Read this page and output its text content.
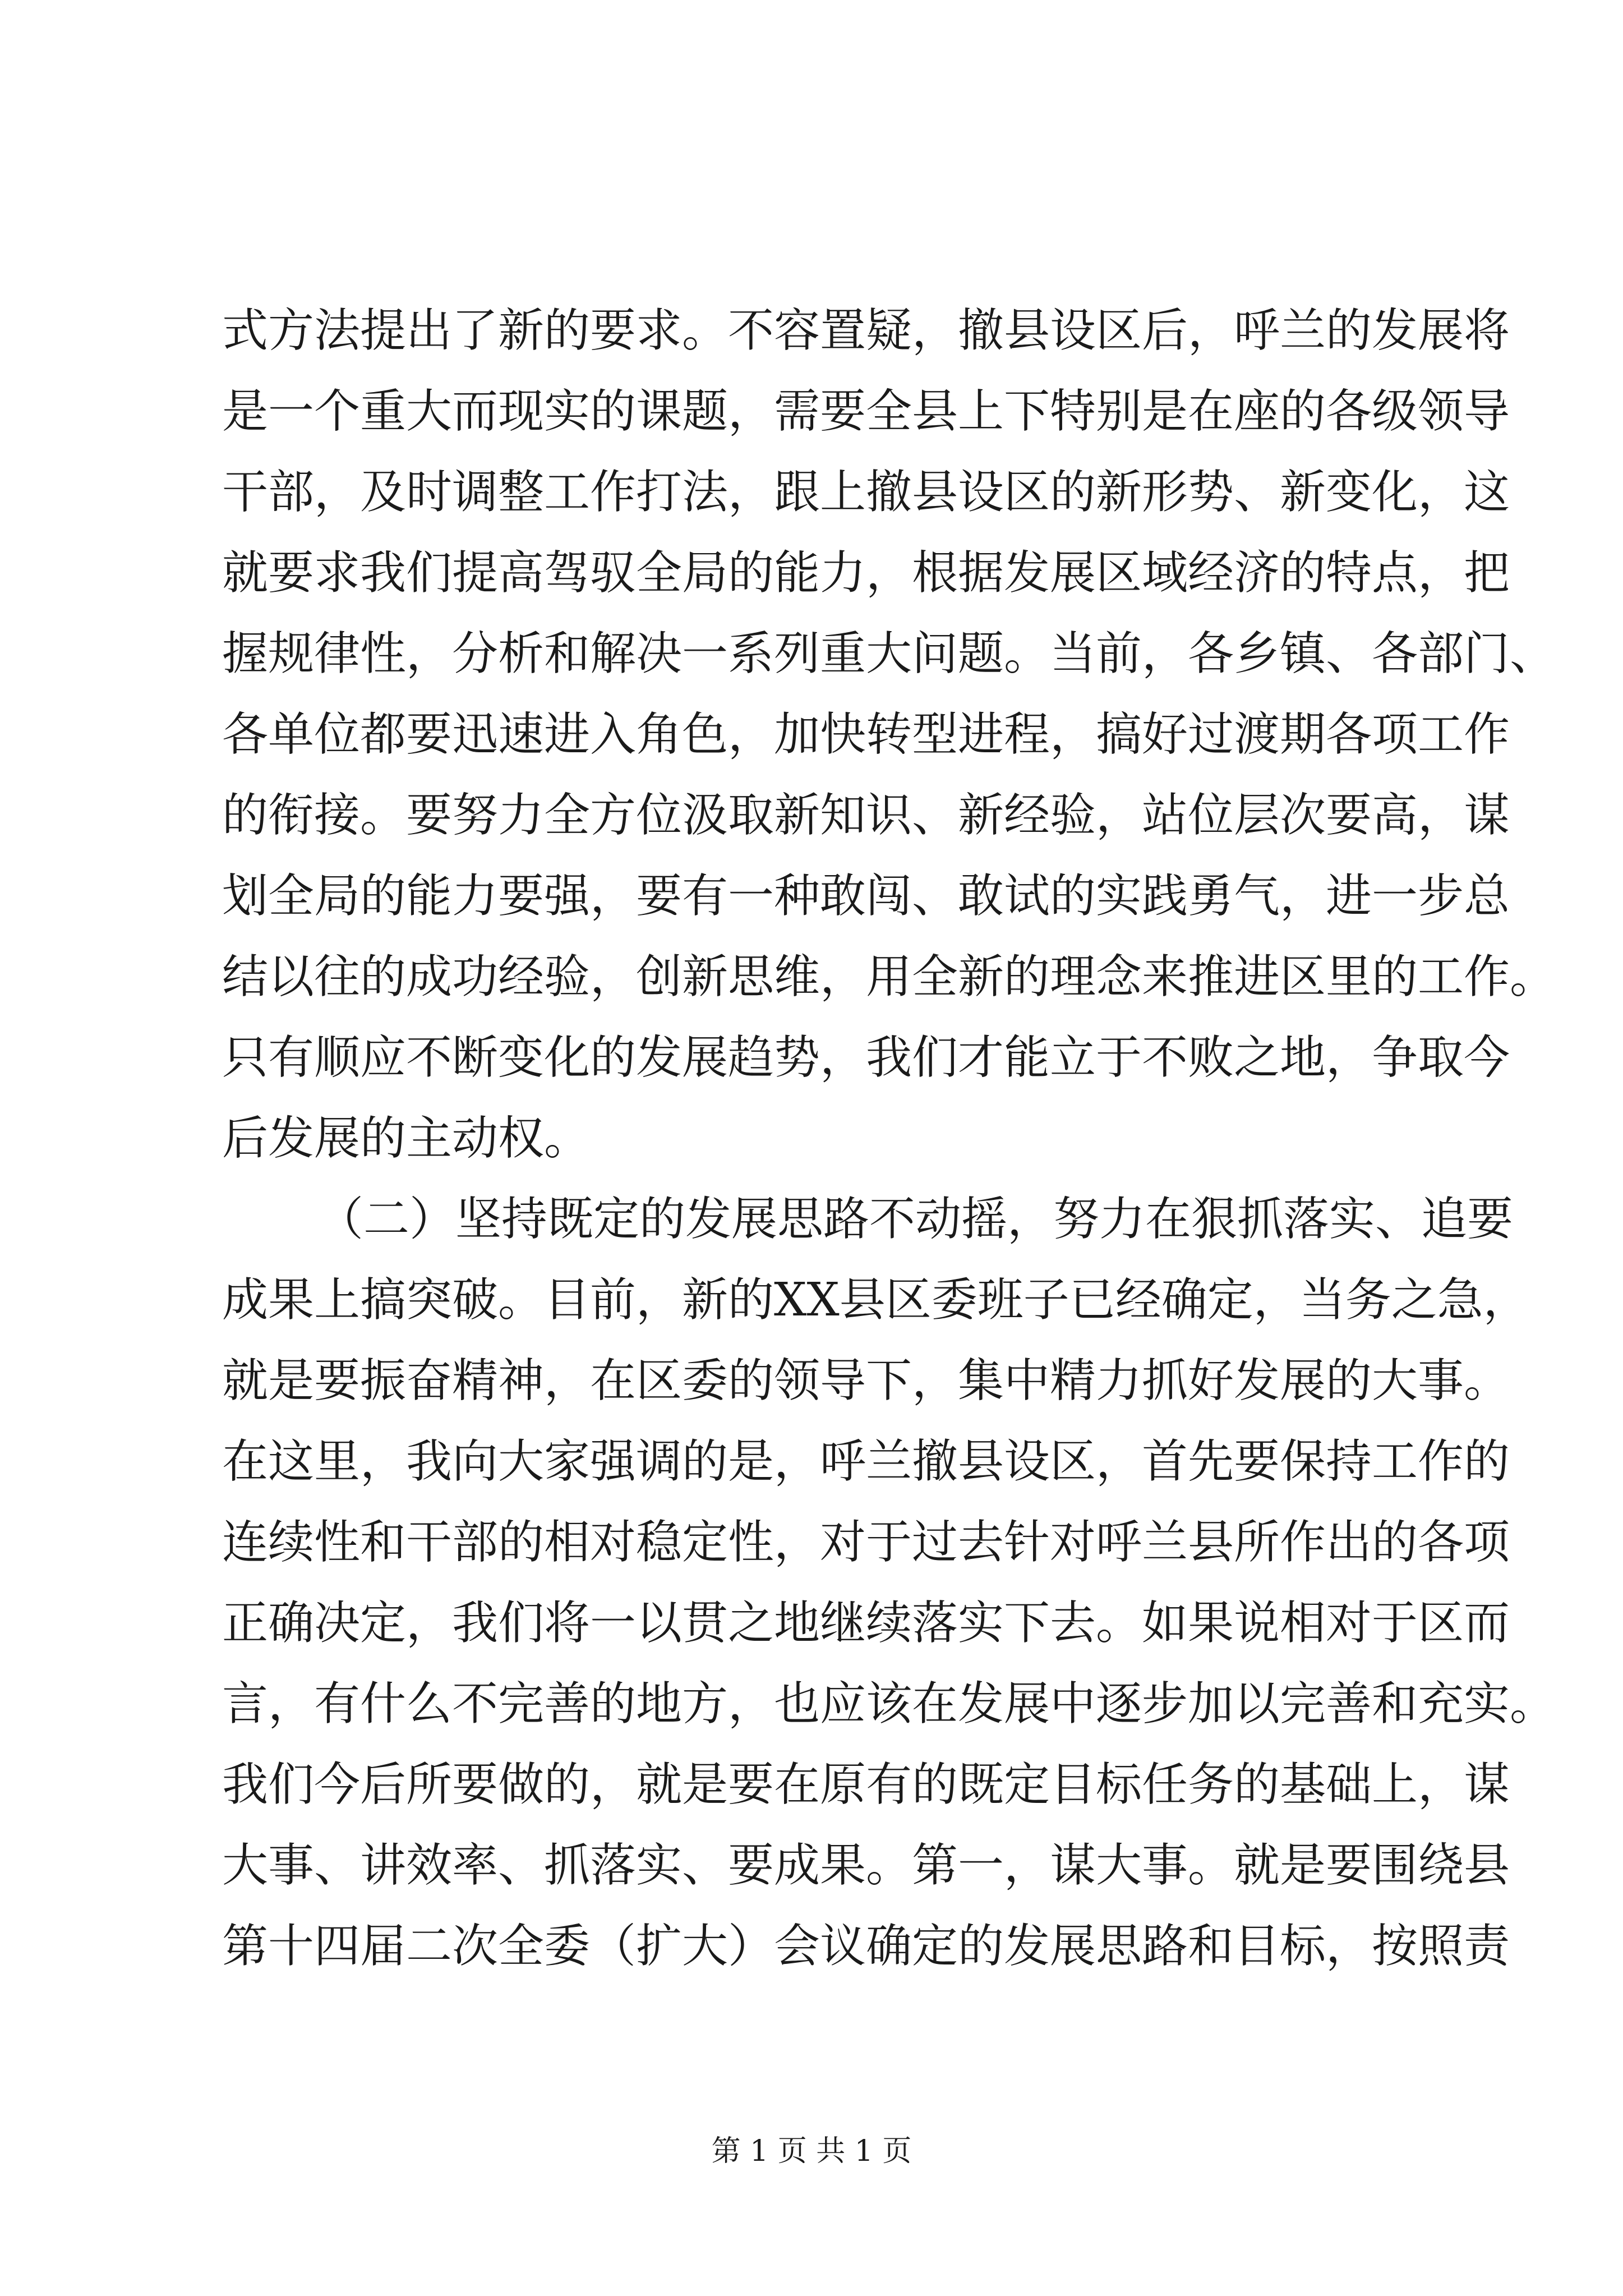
式方法提出了新的要求。不容置疑，撤县设区后，呼兰的发展将
是一个重大而现实的课题，需要全县上下特别是在座的各级领导
干部，及时调整工作打法，跟上撤县设区的新形势、新变化，这
就要求我们提高驾驭全局的能力，根据发展区域经济的特点，把
握规律性，分析和解决一系列重大问题。当前，各乡镇、各部门、
各单位都要迅速进入角色，加快转型进程，搞好过渡期各项工作
的衔接。要努力全方位汲取新知识、新经验，站位层次要高，谋
划全局的能力要强，要有一种敢闯、敢试的实践勇气，进一步总
结以往的成功经验，创新思维，用全新的理念来推进区里的工作。
只有顺应不断变化的发展趋势，我们才能立于不败之地，争取今
后发展的主动权。
（二）坚持既定的发展思路不动摇，努力在狠抓落实、追要
成果上搞突破。目前，新的XX县区委班子已经确定，当务之急，
就是要振奋精神，在区委的领导下，集中精力抓好发展的大事。
在这里，我向大家强调的是，呼兰撤县设区，首先要保持工作的
连续性和干部的相对稳定性，对于过去针对呼兰县所作出的各项
正确决定，我们将一以贯之地继续落实下去。如果说相对于区而
言，有什么不完善的地方，也应该在发展中逐步加以完善和充实。
我们今后所要做的，就是要在原有的既定目标任务的基础上，谋
大事、讲效率、抓落实、要成果。第一，谋大事。就是要围绕县
第十四届二次全委（扩大）会议确定的发展思路和目标，按照责
第 1 页 共 1 页
